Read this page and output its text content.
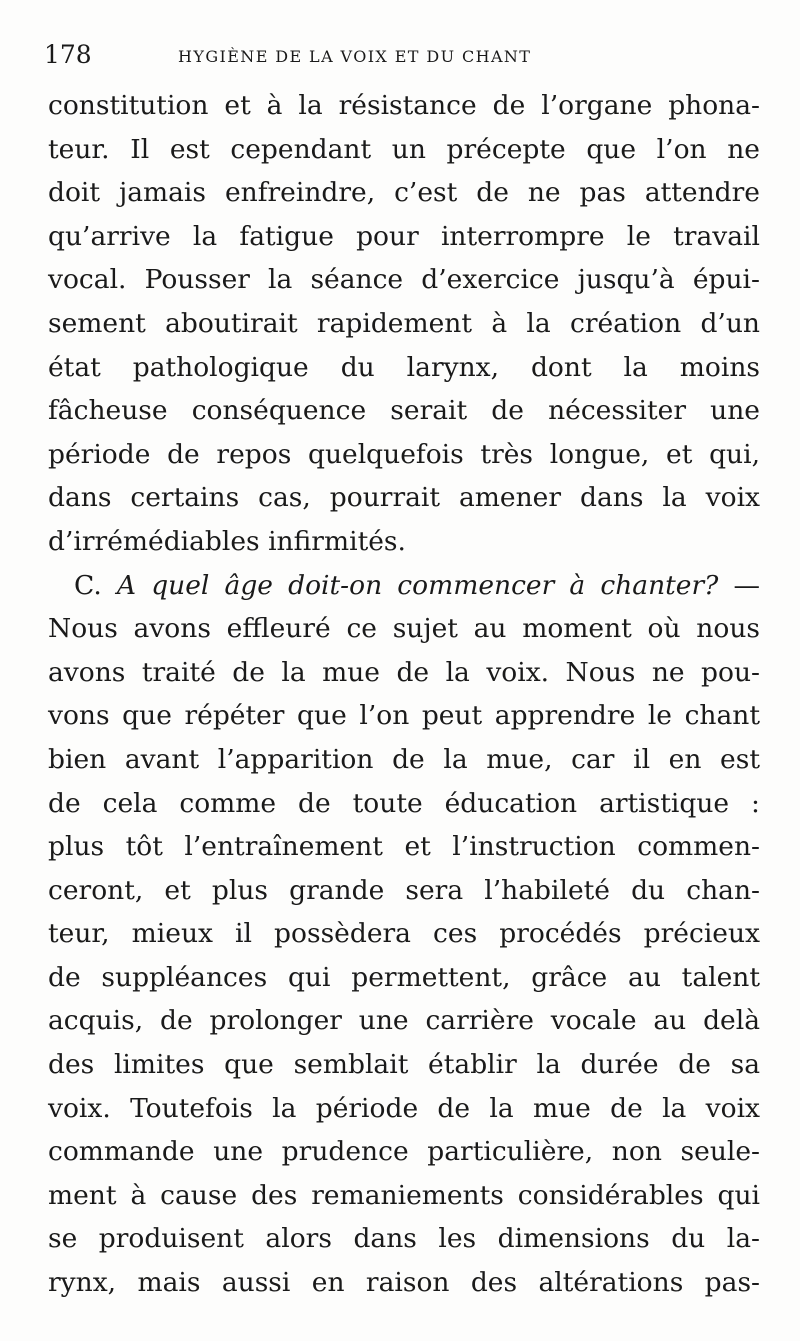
178	HYGIÈNE DE LA VOIX ET DU CHANT
constitution et à la résistance de l’organe phona-
teur. Il est cependant un précepte que l’on ne
doit jamais enfreindre, c’est de ne pas attendre
qu’arrive la fatigue pour interrompre le travail
vocal. Pousser la séance d’exercice jusqu’à épui-
sement aboutirait rapidement à la création d’un
état pathologique du larynx, dont la moins
fâcheuse conséquence serait de nécessiter une
période de repos quelquefois très longue, et qui,
dans certains cas, pourrait amener dans la voix
d’irrémédiables infirmités.
C. A quel âge doit-on commencer à chanter? —
Nous avons effleuré ce sujet au moment où nous
avons traité de la mue de la voix. Nous ne pou-
vons que répéter que l’on peut apprendre le chant
bien avant l’apparition de la mue, car il en est
de cela comme de toute éducation artistique :
plus tôt l’entraînement et l’instruction commen-
ceront, et plus grande sera l’habileté du chan-
teur, mieux il possèdera ces procédés précieux
de suppléances qui permettent, grâce au talent
acquis, de prolonger une carrière vocale au delà
des limites que semblait établir la durée de sa
voix. Toutefois la période de la mue de la voix
commande une prudence particulière, non seule-
ment à cause des remaniements considérables qui
se produisent alors dans les dimensions du la-
rynx, mais aussi en raison des altérations pas-
